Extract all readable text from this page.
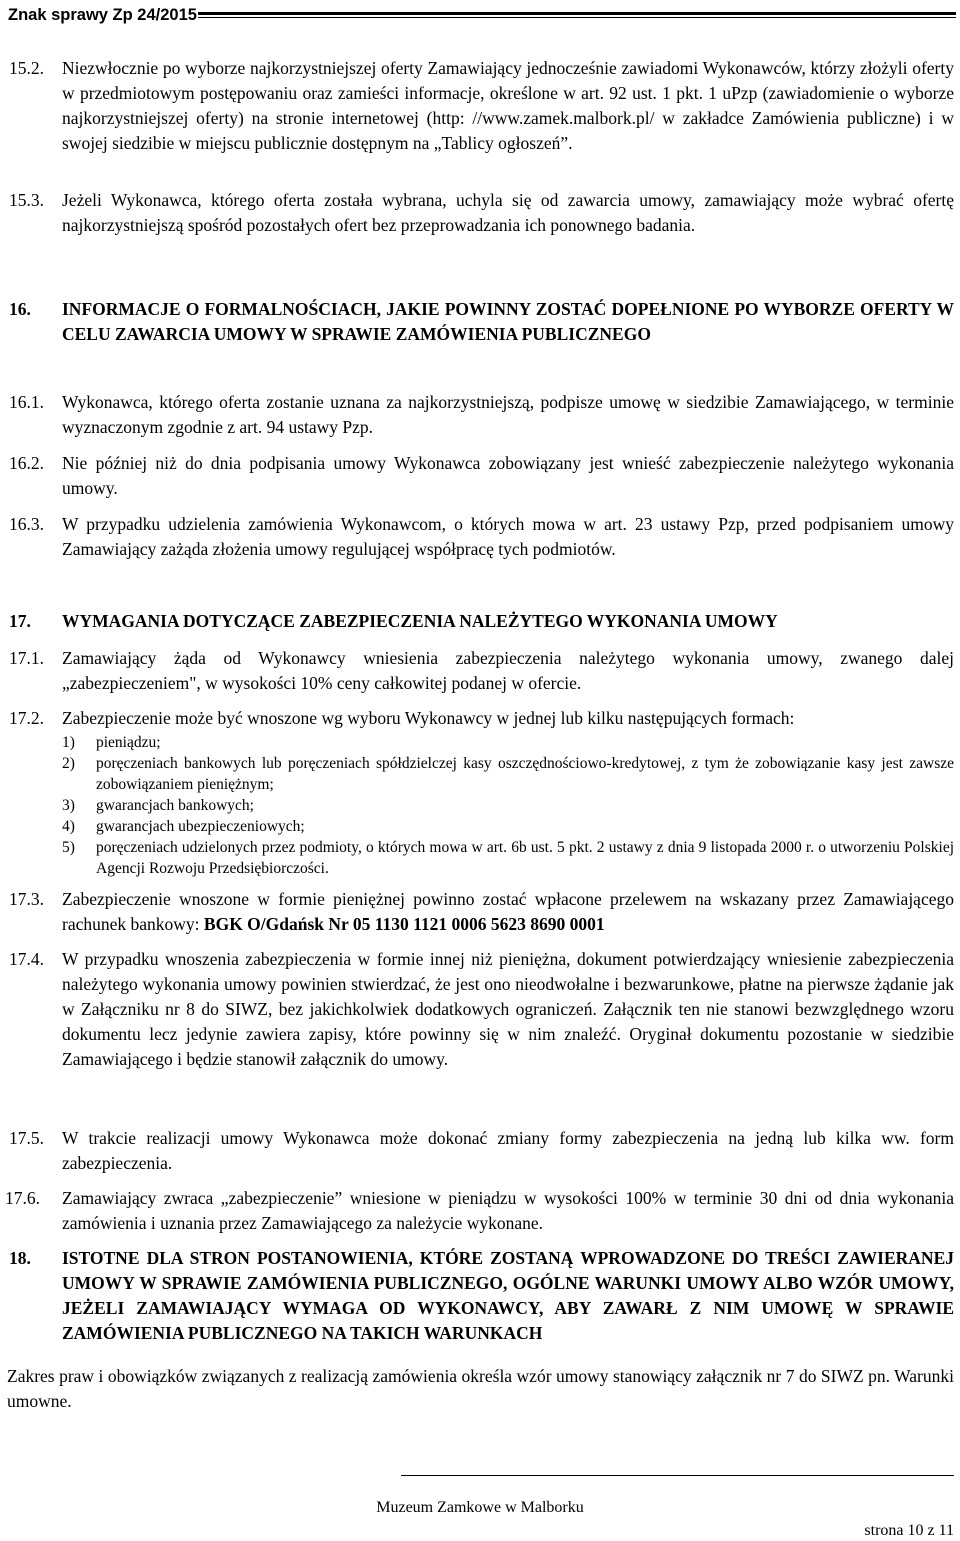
Znak sprawy Zp 24/2015
15.2. Niezwłocznie po wyborze najkorzystniejszej oferty Zamawiający jednocześnie zawiadomi Wykonawców, którzy złożyli oferty w przedmiotowym postępowaniu oraz zamieści informacje, określone w art. 92 ust. 1 pkt. 1 uPzp (zawiadomienie o wyborze najkorzystniejszej oferty) na stronie internetowej (http: //www.zamek.malbork.pl/ w zakładce Zamówienia publiczne) i w swojej siedzibie w miejscu publicznie dostępnym na „Tablicy ogłoszeń”.
15.3. Jeżeli Wykonawca, którego oferta została wybrana, uchyla się od zawarcia umowy, zamawiający może wybrać ofertę najkorzystniejszą spośród pozostałych ofert bez przeprowadzania ich ponownego badania.
16. INFORMACJE O FORMALNOŚCIACH, JAKIE POWINNY ZOSTAĆ DOPEŁNIONE PO WYBORZE OFERTY W CELU ZAWARCIA UMOWY W SPRAWIE ZAMÓWIENIA PUBLICZNEGO
16.1. Wykonawca, którego oferta zostanie uznana za najkorzystniejszą, podpisze umowę w siedzibie Zamawiającego, w terminie wyznaczonym zgodnie z art. 94 ustawy Pzp.
16.2. Nie później niż do dnia podpisania umowy Wykonawca zobowiązany jest wnieść zabezpieczenie należytego wykonania umowy.
16.3. W przypadku udzielenia zamówienia Wykonawcom, o których mowa w art. 23 ustawy Pzp, przed podpisaniem umowy Zamawiający zażąda złożenia umowy regulującej współpracę tych podmiotów.
17. WYMAGANIA DOTYCZĄCE ZABEZPIECZENIA NALEŻYTEGO WYKONANIA UMOWY
17.1. Zamawiający żąda od Wykonawcy wniesienia zabezpieczenia należytego wykonania umowy, zwanego dalej „zabezpieczeniem", w wysokości 10% ceny całkowitej podanej w ofercie.
17.2. Zabezpieczenie może być wnoszone wg wyboru Wykonawcy w jednej lub kilku następujących formach:
1) pieniądzu;
2) poręczeniach bankowych lub poręczeniach spółdzielczej kasy oszczędnościowo-kredytowej, z tym że zobowiązanie kasy jest zawsze zobowiązaniem pieniężnym;
3) gwarancjach bankowych;
4) gwarancjach ubezpieczeniowych;
5) poręczeniach udzielonych przez podmioty, o których mowa w art. 6b ust. 5 pkt. 2 ustawy z dnia 9 listopada 2000 r. o utworzeniu Polskiej Agencji Rozwoju Przedsiębiorczości.
17.3. Zabezpieczenie wnoszone w formie pieniężnej powinno zostać wpłacone przelewem na wskazany przez Zamawiającego rachunek bankowy: BGK O/Gdańsk Nr 05 1130 1121 0006 5623 8690 0001
17.4. W przypadku wnoszenia zabezpieczenia w formie innej niż pieniężna, dokument potwierdzający wniesienie zabezpieczenia należytego wykonania umowy powinien stwierdzać, że jest ono nieodwołalne i bezwarunkowe, płatne na pierwsze żądanie jak w Załączniku nr 8 do SIWZ, bez jakichkolwiek dodatkowych ograniczeń. Załącznik ten nie stanowi bezwzględnego wzoru dokumentu lecz jedynie zawiera zapisy, które powinny się w nim znaleźć. Oryginał dokumentu pozostanie w siedzibie Zamawiającego i będzie stanowił załącznik do umowy.
17.5. W trakcie realizacji umowy Wykonawca może dokonać zmiany formy zabezpieczenia na jedną lub kilka ww. form zabezpieczenia.
17.6. Zamawiający zwraca „zabezpieczenie” wniesione w pieniądzu w wysokości 100% w terminie 30 dni od dnia wykonania zamówienia i uznania przez Zamawiającego za należycie wykonane.
18. ISTOTNE DLA STRON POSTANOWIENIA, KTÓRE ZOSTANĄ WPROWADZONE DO TREŚCI ZAWIERANEJ UMOWY W SPRAWIE ZAMÓWIENIA PUBLICZNEGO, OGÓLNE WARUNKI UMOWY ALBO WZÓR UMOWY, JEŻELI ZAMAWIAJĄCY WYMAGA OD WYKONAWCY, ABY ZAWARŁ Z NIM UMOWĘ W SPRAWIE ZAMÓWIENIA PUBLICZNEGO NA TAKICH WARUNKACH
Zakres praw i obowiązków związanych z realizacją zamówienia określa wzór umowy stanowiący załącznik nr 7 do SIWZ pn. Warunki umowne.
Muzeum Zamkowe w Malborku
strona 10 z 11
